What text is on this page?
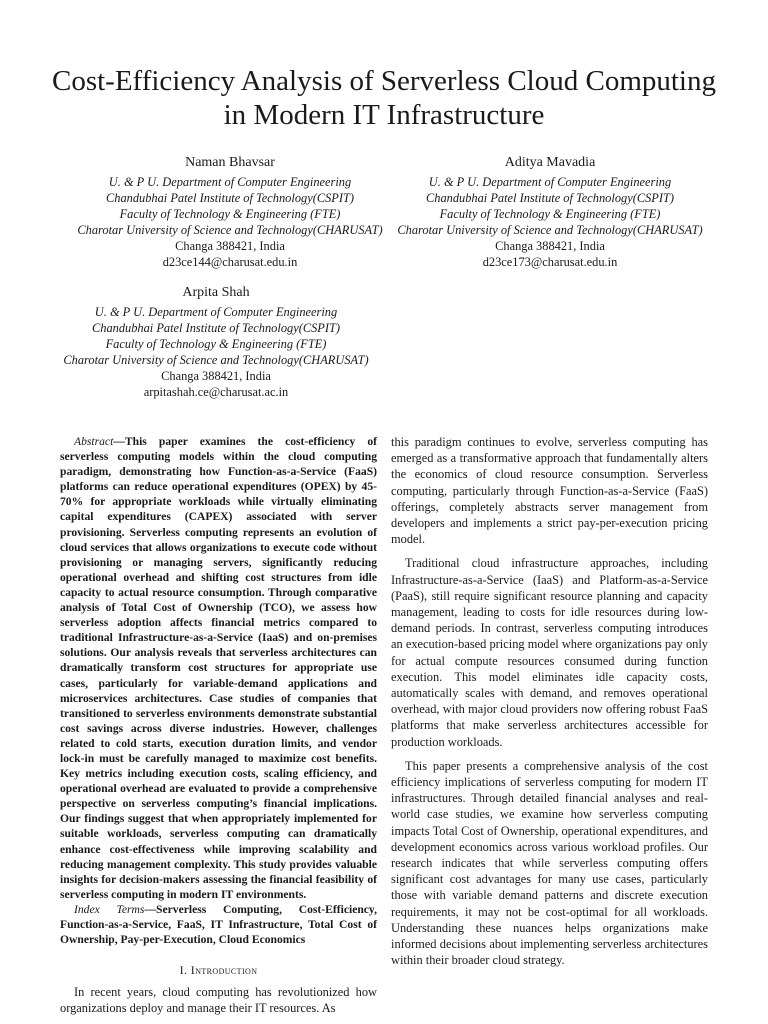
Cost-Efficiency Analysis of Serverless Cloud Computing in Modern IT Infrastructure
Naman Bhavsar
U. & P U. Department of Computer Engineering
Chandubhai Patel Institute of Technology(CSPIT)
Faculty of Technology & Engineering (FTE)
Charotar University of Science and Technology(CHARUSAT)
Changa 388421, India
d23ce144@charusat.edu.in
Aditya Mavadia
U. & P U. Department of Computer Engineering
Chandubhai Patel Institute of Technology(CSPIT)
Faculty of Technology & Engineering (FTE)
Charotar University of Science and Technology(CHARUSAT)
Changa 388421, India
d23ce173@charusat.edu.in
Arpita Shah
U. & P U. Department of Computer Engineering
Chandubhai Patel Institute of Technology(CSPIT)
Faculty of Technology & Engineering (FTE)
Charotar University of Science and Technology(CHARUSAT)
Changa 388421, India
arpitashah.ce@charusat.ac.in

Abstract—This paper examines the cost-efficiency of serverless computing models within the cloud computing paradigm, demonstrating how Function-as-a-Service (FaaS) platforms can reduce operational expenditures (OPEX) by 45-70% for appropriate workloads while virtually eliminating capital expenditures (CAPEX) associated with server provisioning. Serverless computing represents an evolution of cloud services that allows organizations to execute code without provisioning or managing servers, significantly reducing operational overhead and shifting cost structures from idle capacity to actual resource consumption. Through comparative analysis of Total Cost of Ownership (TCO), we assess how serverless adoption affects financial metrics compared to traditional Infrastructure-as-a-Service (IaaS) and on-premises solutions. Our analysis reveals that serverless architectures can dramatically transform cost structures for appropriate use cases, particularly for variable-demand applications and microservices architectures. Case studies of companies that transitioned to serverless environments demonstrate substantial cost savings across diverse industries. However, challenges related to cold starts, execution duration limits, and vendor lock-in must be carefully managed to maximize cost benefits. Key metrics including execution costs, scaling efficiency, and operational overhead are evaluated to provide a comprehensive perspective on serverless computing’s financial implications. Our findings suggest that when appropriately implemented for suitable workloads, serverless computing can dramatically enhance cost-effectiveness while improving scalability and reducing management complexity. This study provides valuable insights for decision-makers assessing the financial feasibility of serverless computing in modern IT environments.

Index Terms—Serverless Computing, Cost-Efficiency, Function-as-a-Service, FaaS, IT Infrastructure, Total Cost of Ownership, Pay-per-Execution, Cloud Economics

I. Introduction

In recent years, cloud computing has revolutionized how organizations deploy and manage their IT resources. As

this paradigm continues to evolve, serverless computing has emerged as a transformative approach that fundamentally alters the economics of cloud resource consumption. Serverless computing, particularly through Function-as-a-Service (FaaS) offerings, completely abstracts server management from developers and implements a strict pay-per-execution pricing model.

Traditional cloud infrastructure approaches, including Infrastructure-as-a-Service (IaaS) and Platform-as-a-Service (PaaS), still require significant resource planning and capacity management, leading to costs for idle resources during low-demand periods. In contrast, serverless computing introduces an execution-based pricing model where organizations pay only for actual compute resources consumed during function execution. This model eliminates idle capacity costs, automatically scales with demand, and removes operational overhead, with major cloud providers now offering robust FaaS platforms that make serverless architectures accessible for production workloads.

This paper presents a comprehensive analysis of the cost efficiency implications of serverless computing for modern IT infrastructures. Through detailed financial analyses and real-world case studies, we examine how serverless computing impacts Total Cost of Ownership, operational expenditures, and development economics across various workload profiles. Our research indicates that while serverless computing offers significant cost advantages for many use cases, particularly those with variable demand patterns and discrete execution requirements, it may not be cost-optimal for all workloads. Understanding these nuances helps organizations make informed decisions about implementing serverless architectures within their broader cloud strategy.
